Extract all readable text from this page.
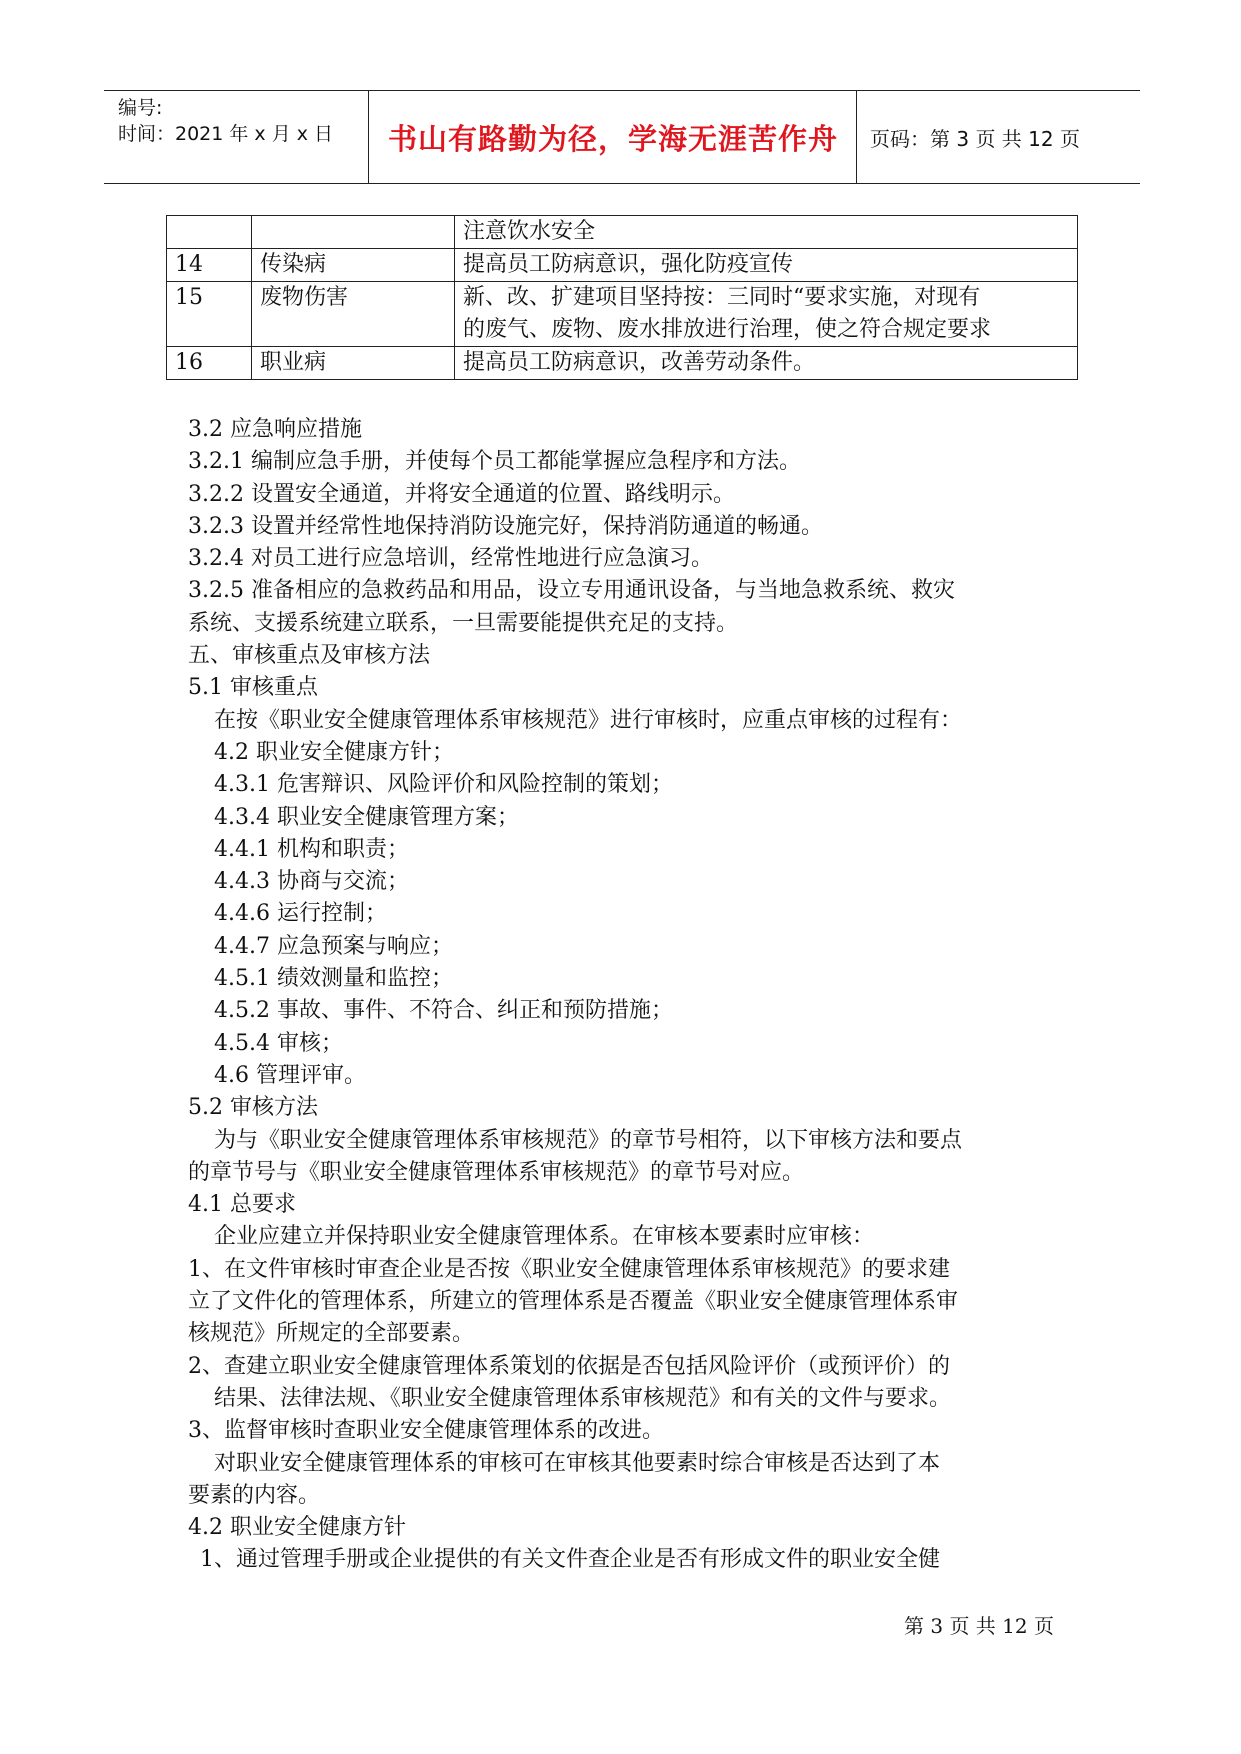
编号:
时间：2021 年 x 月 x 日	书山有路勤为径，学海无涯苦作舟	页码：第 3 页 共 12 页

		注意饮水安全

14	传染病	提高员工防病意识，强化防疫宣传

15	废物伤害	新、改、扩建项目坚持按：三同时“要求实施，对现有
的废气、废物、废水排放进行治理，使之符合规定要求

16	职业病	提高员工防病意识，改善劳动条件。

3.2 应急响应措施

3.2.1 编制应急手册，并使每个员工都能掌握应急程序和方法。

3.2.2 设置安全通道，并将安全通道的位置、路线明示。

3.2.3 设置并经常性地保持消防设施完好，保持消防通道的畅通。

3.2.4 对员工进行应急培训，经常性地进行应急演习。

3.2.5 准备相应的急救药品和用品，设立专用通讯设备，与当地急救系统、救灾

系统、支援系统建立联系，一旦需要能提供充足的支持。

五、审核重点及审核方法

5.1 审核重点

在按《职业安全健康管理体系审核规范》进行审核时，应重点审核的过程有：

4.2 职业安全健康方针；

4.3.1 危害辩识、风险评价和风险控制的策划；

4.3.4 职业安全健康管理方案；

4.4.1 机构和职责；

4.4.3 协商与交流；

4.4.6 运行控制；

4.4.7 应急预案与响应；

4.5.1 绩效测量和监控；

4.5.2 事故、事件、不符合、纠正和预防措施；

4.5.4 审核；

4.6 管理评审。

5.2 审核方法

为与《职业安全健康管理体系审核规范》的章节号相符，以下审核方法和要点

的章节号与《职业安全健康管理体系审核规范》的章节号对应。

4.1 总要求

企业应建立并保持职业安全健康管理体系。在审核本要素时应审核：

1、在文件审核时审查企业是否按《职业安全健康管理体系审核规范》的要求建

立了文件化的管理体系，所建立的管理体系是否覆盖《职业安全健康管理体系审

核规范》所规定的全部要素。

2、查建立职业安全健康管理体系策划的依据是否包括风险评价（或预评价）的

结果、法律法规、《职业安全健康管理体系审核规范》和有关的文件与要求。

3、监督审核时查职业安全健康管理体系的改进。

对职业安全健康管理体系的审核可在审核其他要素时综合审核是否达到了本

要素的内容。

4.2 职业安全健康方针

1、通过管理手册或企业提供的有关文件查企业是否有形成文件的职业安全健

第 3 页 共 12 页
